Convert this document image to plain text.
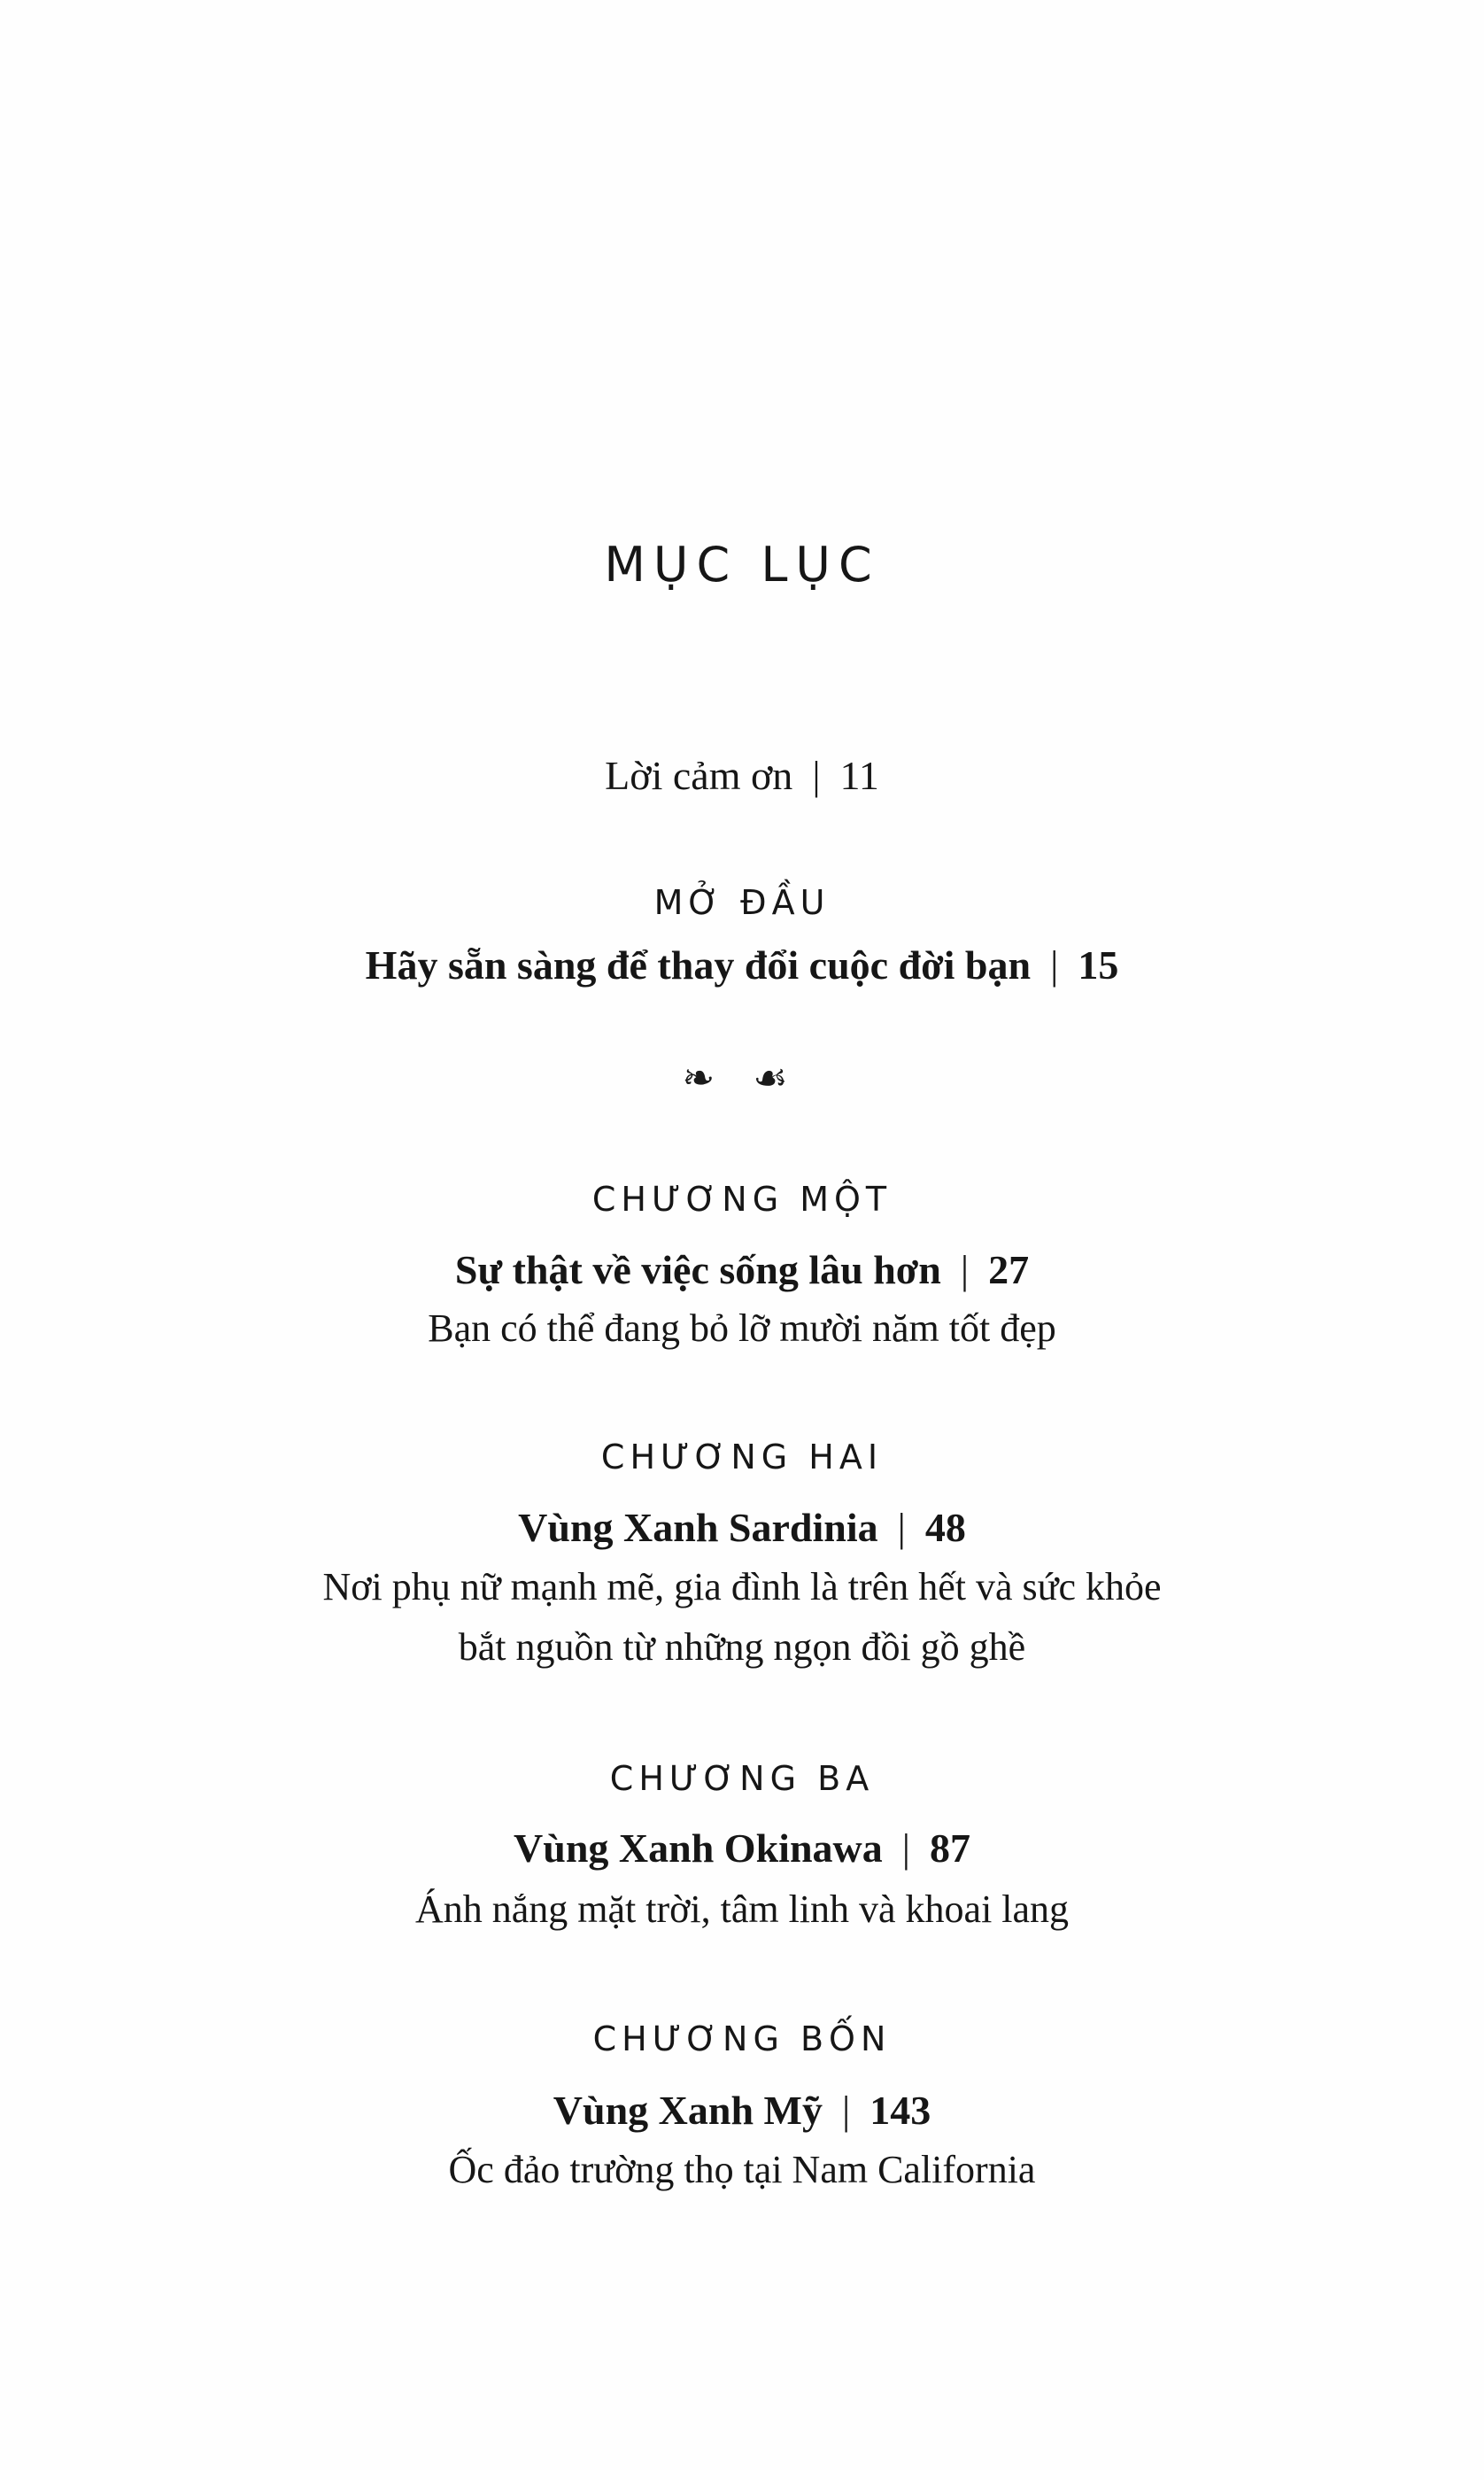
MỤC LỤC
Lời cảm ơn | 11
MỞ ĐẦU
Hãy sẵn sàng để thay đổi cuộc đời bạn | 15
❧ ☙
CHƯƠNG MỘT
Sự thật về việc sống lâu hơn | 27
Bạn có thể đang bỏ lỡ mười năm tốt đẹp
CHƯƠNG HAI
Vùng Xanh Sardinia | 48
Nơi phụ nữ mạnh mẽ, gia đình là trên hết và sức khỏe
bắt nguồn từ những ngọn đồi gồ ghề
CHƯƠNG BA
Vùng Xanh Okinawa | 87
Ánh nắng mặt trời, tâm linh và khoai lang
CHƯƠNG BỐN
Vùng Xanh Mỹ | 143
Ốc đảo trường thọ tại Nam California
